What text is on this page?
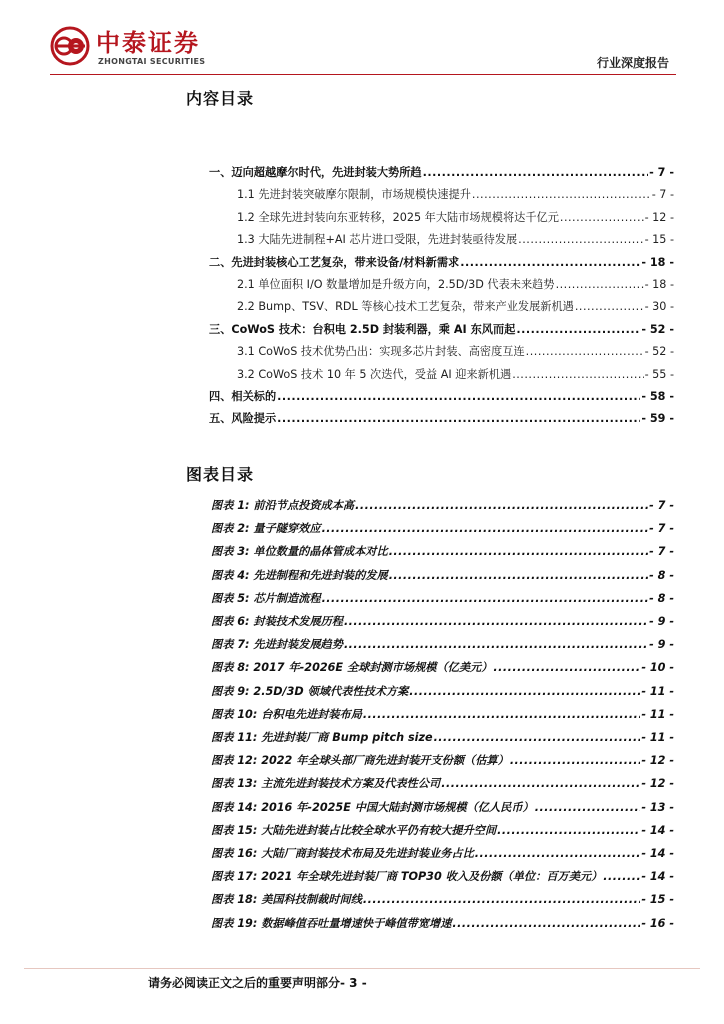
中泰证券
ZHONGTAI SECURITIES	行业深度报告
内容目录
一、迈向超越摩尔时代，先进封装大势所趋 .....	- 7 -
1.1 先进封装突破摩尔限制，市场规模快速提升 .....	- 7 -
1.2 全球先进封装向东亚转移，2025 年大陆市场规模将达千亿元 .....	- 12 -
1.3 大陆先进制程+AI 芯片进口受限，先进封装亟待发展 .....	- 15 -
二、先进封装核心工艺复杂，带来设备/材料新需求 .....	- 18 -
2.1 单位面积 I/O 数量增加是升级方向，2.5D/3D 代表未来趋势 .....	- 18 -
2.2 Bump、TSV、RDL 等核心技术工艺复杂，带来产业发展新机遇 .....	- 30 -
三、CoWoS 技术：台积电 2.5D 封装利器，乘 AI 东风而起 .....	- 52 -
3.1 CoWoS 技术优势凸出：实现多芯片封装、高密度互连 .....	- 52 -
3.2 CoWoS 技术 10 年 5 次迭代，受益 AI 迎来新机遇 .....	- 55 -
四、相关标的 .....	- 58 -
五、风险提示 .....	- 59 -
图表目录
图表 1: 前沿节点投资成本高 .....	- 7 -
图表 2: 量子隧穿效应 .....	- 7 -
图表 3: 单位数量的晶体管成本对比 .....	- 7 -
图表 4: 先进制程和先进封装的发展 .....	- 8 -
图表 5: 芯片制造流程 .....	- 8 -
图表 6: 封装技术发展历程 .....	- 9 -
图表 7: 先进封装发展趋势 .....	- 9 -
图表 8: 2017 年-2026E 全球封测市场规模（亿美元） .....	- 10 -
图表 9: 2.5D/3D 领域代表性技术方案 .....	- 11 -
图表 10: 台积电先进封装布局 .....	- 11 -
图表 11: 先进封装厂商 Bump pitch size .....	- 11 -
图表 12: 2022 年全球头部厂商先进封装开支份额（估算） .....	- 12 -
图表 13: 主流先进封装技术方案及代表性公司 .....	- 12 -
图表 14: 2016 年-2025E 中国大陆封测市场规模（亿人民币） .....	- 13 -
图表 15: 大陆先进封装占比较全球水平仍有较大提升空间 .....	- 14 -
图表 16: 大陆厂商封装技术布局及先进封装业务占比 .....	- 14 -
图表 17: 2021 年全球先进封装厂商 TOP30 收入及份额（单位：百万美元） .....	- 14 -
图表 18: 美国科技制裁时间线 .....	- 15 -
图表 19: 数据峰值吞吐量增速快于峰值带宽增速 .....	- 16 -
请务必阅读正文之后的重要声明部分- 3 -
